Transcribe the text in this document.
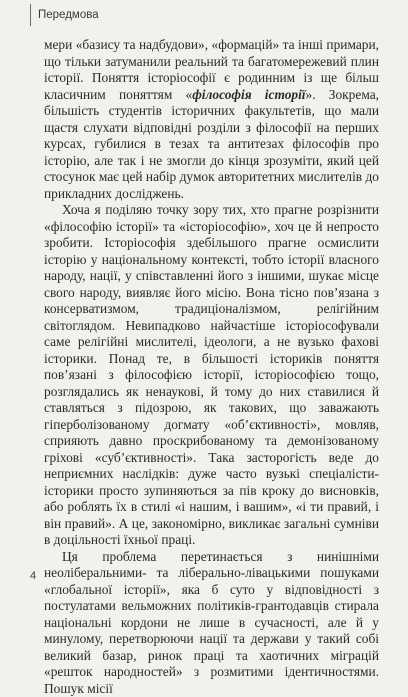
Передмова

мери «базису та надбудови», «формацій» та інші примари, що тільки затуманили реальний та багатомережевий плин історії. Поняття історіософії є родинним із ще більш класичним поняттям «філософія історії». Зокрема, більшість студентів історичних факультетів, що мали щастя слухати відповідні розділи з філософії на перших курсах, губилися в тезах та антитезах філософів про історію, але так і не змогли до кінця зрозуміти, який цей стосунок має цей набір думок авторитетних мислителів до прикладних досліджень.

Хоча я поділяю точку зору тих, хто прагне розрізнити «філософію історії» та «історіософію», хоч це й непросто зробити. Історіософія здебільшого прагне осмислити історію у національному контексті, тобто історії власного народу, нації, у співставленні його з іншими, шукає місце свого народу, виявляє його місію. Вона тісно пов’язана з консерватизмом, традиціоналізмом, релігійним світоглядом. Невипадково найчастіше історіософували саме релігійні мислителі, ідеологи, а не вузько фахові історики. Понад те, в більшості істориків поняття пов’язані з філософією історії, історіософією тощо, розглядались як ненаукові, й тому до них ставилися й ставляться з підозрою, як такових, що заважають гіперболізованому догмату «об’єктивності», мовляв, сприяють давно проскрибованому та демонізованому гріхові «суб’єктивності». Така засторогість веде до неприємних наслідків: дуже часто вузькі спеціалісти-історики просто зупиняються за пів кроку до висновків, або роблять їх в стилі «і нашим, і вашим», «і ти правий, і він правий». А це, закономірно, викликає загальні сумніви в доцільності їхньої праці.

Ця проблема перетинається з нинішніми неоліберальними- та ліберально-лівацькими пошуками «глобальної історії», яка б суто у відповідності з постулатами вельможних політиків-грантодавців стирала національні кордони не лише в сучасності, але й у минулому, перетворюючи нації та держави у такий собі великий базар, ринок праці та хаотичних міграцій «решток народностей» з розмитими ідентичностями. Пошук місії

4
